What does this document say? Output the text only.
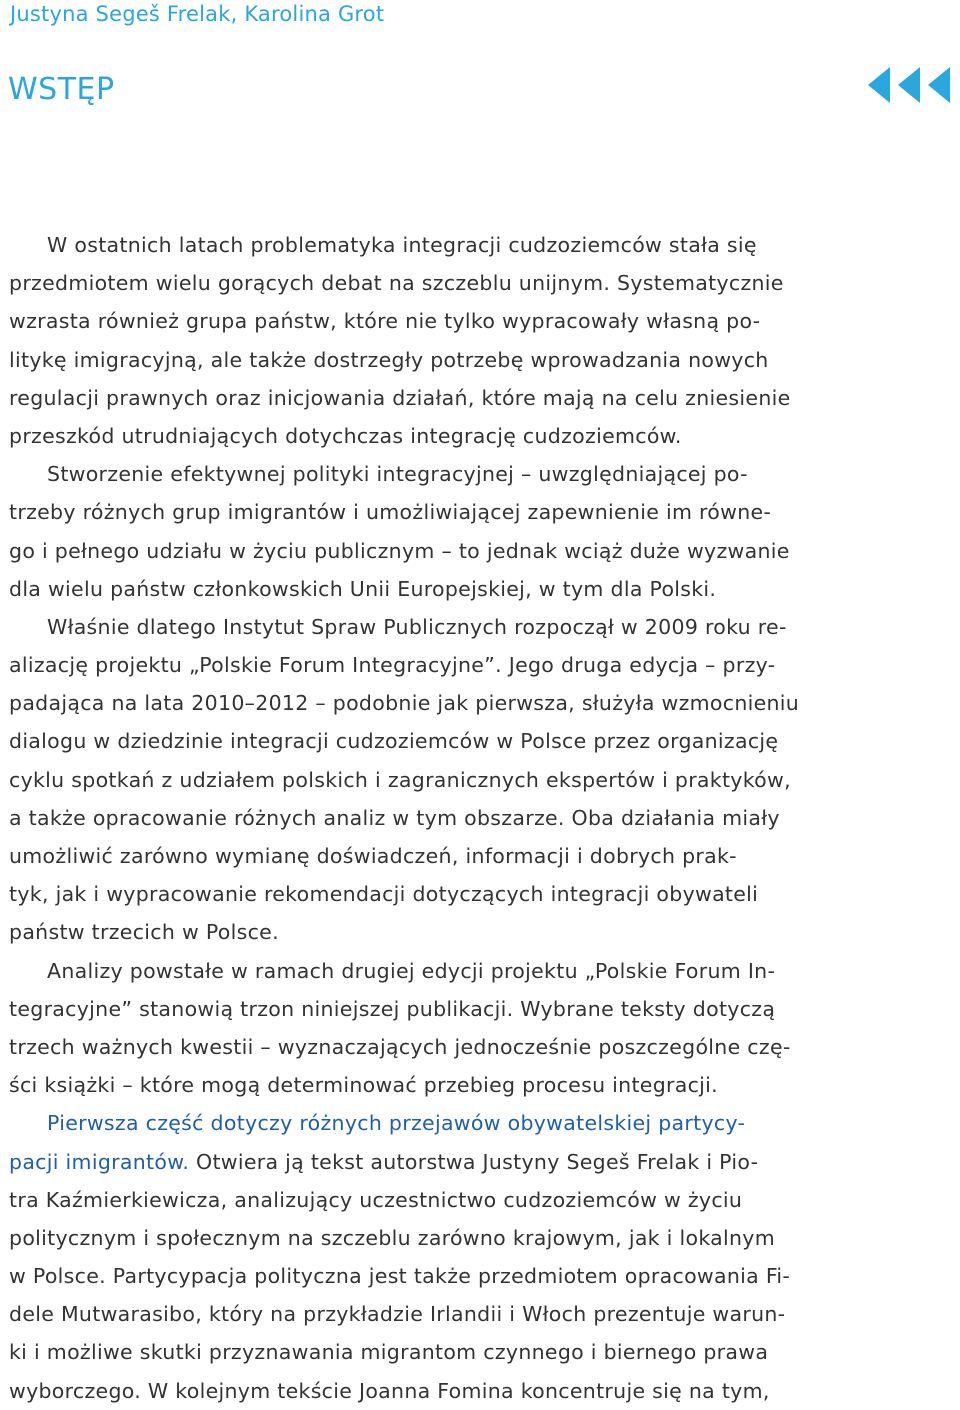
Justyna Segeš Frelak, Karolina Grot
WSTĘP
W ostatnich latach problematyka integracji cudzoziemców stała się
przedmiotem wielu gorących debat na szczeblu unijnym. Systematycznie
wzrasta również grupa państw, które nie tylko wypracowały własną po-
litykę imigracyjną, ale także dostrzegły potrzebę wprowadzania nowych
regulacji prawnych oraz inicjowania działań, które mają na celu zniesienie
przeszkód utrudniających dotychczas integrację cudzoziemców.
Stworzenie efektywnej polityki integracyjnej – uwzględniającej po-
trzeby różnych grup imigrantów i umożliwiającej zapewnienie im równe-
go i pełnego udziału w życiu publicznym – to jednak wciąż duże wyzwanie
dla wielu państw członkowskich Unii Europejskiej, w tym dla Polski.
Właśnie dlatego Instytut Spraw Publicznych rozpoczął w 2009 roku re-
alizację projektu „Polskie Forum Integracyjne”. Jego druga edycja – przy-
padająca na lata 2010–2012 – podobnie jak pierwsza, służyła wzmocnieniu
dialogu w dziedzinie integracji cudzoziemców w Polsce przez organizację
cyklu spotkań z udziałem polskich i zagranicznych ekspertów i praktyków,
a także opracowanie różnych analiz w tym obszarze. Oba działania miały
umożliwić zarówno wymianę doświadczeń, informacji i dobrych prak-
tyk, jak i wypracowanie rekomendacji dotyczących integracji obywateli
państw trzecich w Polsce.
Analizy powstałe w ramach drugiej edycji projektu „Polskie Forum In-
tegracyjne” stanowią trzon niniejszej publikacji. Wybrane teksty dotyczą
trzech ważnych kwestii – wyznaczających jednocześnie poszczególne czę-
ści książki – które mogą determinować przebieg procesu integracji.
Pierwsza część dotyczy różnych przejawów obywatelskiej partycy-
pacji imigrantów. Otwiera ją tekst autorstwa Justyny Segeš Frelak i Pio-
tra Kaźmierkiewicza, analizujący uczestnictwo cudzoziemców w życiu
politycznym i społecznym na szczeblu zarówno krajowym, jak i lokalnym
w Polsce. Partycypacja polityczna jest także przedmiotem opracowania Fi-
dele Mutwarasibo, który na przykładzie Irlandii i Włoch prezentuje warun-
ki i możliwe skutki przyznawania migrantom czynnego i biernego prawa
wyborczego. W kolejnym tekście Joanna Fomina koncentruje się na tym,
